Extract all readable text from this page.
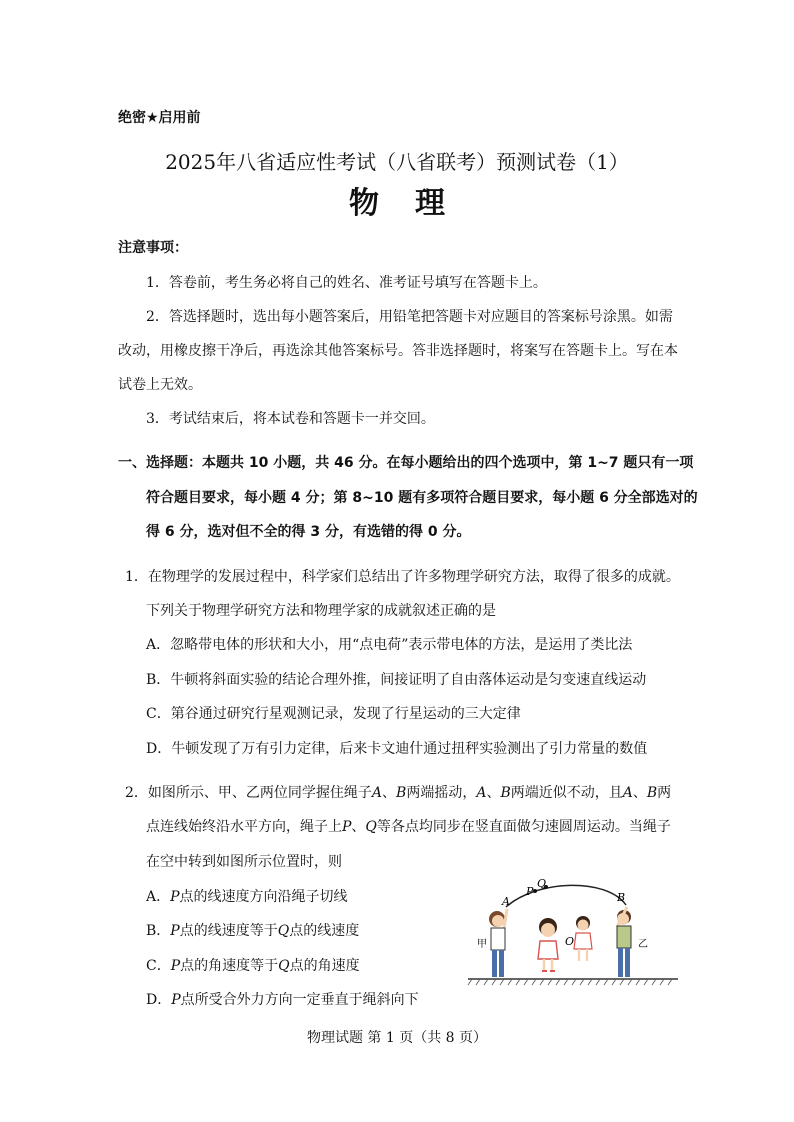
绝密★启用前
2025年八省适应性考试（八省联考）预测试卷（1）
物理
注意事项：
1．答卷前，考生务必将自己的姓名、准考证号填写在答题卡上。
2．答选择题时，选出每小题答案后，用铅笔把答题卡对应题目的答案标号涂黑。如需
改动，用橡皮擦干净后，再选涂其他答案标号。答非选择题时，将案写在答题卡上。写在本
试卷上无效。
3．考试结束后，将本试卷和答题卡一并交回。
一、选择题：本题共 10 小题，共 46 分。在每小题给出的四个选项中，第 1~7 题只有一项
符合题目要求，每小题 4 分；第 8~10 题有多项符合题目要求，每小题 6 分全部选对的
得 6 分，选对但不全的得 3 分，有选错的得 0 分。
1．在物理学的发展过程中，科学家们总结出了许多物理学研究方法，取得了很多的成就。
下列关于物理学研究方法和物理学家的成就叙述正确的是
A．忽略带电体的形状和大小，用“点电荷”表示带电体的方法，是运用了类比法
B．牛顿将斜面实验的结论合理外推，间接证明了自由落体运动是匀变速直线运动
C．第谷通过研究行星观测记录，发现了行星运动的三大定律
D．牛顿发现了万有引力定律，后来卡文迪什通过扭秤实验测出了引力常量的数值
2．如图所示、甲、乙两位同学握住绳子A、B两端摇动，A、B两端近似不动，且A、B两
点连线始终沿水平方向，绳子上P、Q等各点均同步在竖直面做匀速圆周运动。当绳子
在空中转到如图所示位置时，则
A．P点的线速度方向沿绳子切线
B．P点的线速度等于Q点的线速度
C．P点的角速度等于Q点的角速度
D．P点所受合外力方向一定垂直于绳斜向下
A
P
Q
B
O
甲	乙
物理试题 第 1 页（共 8 页）
